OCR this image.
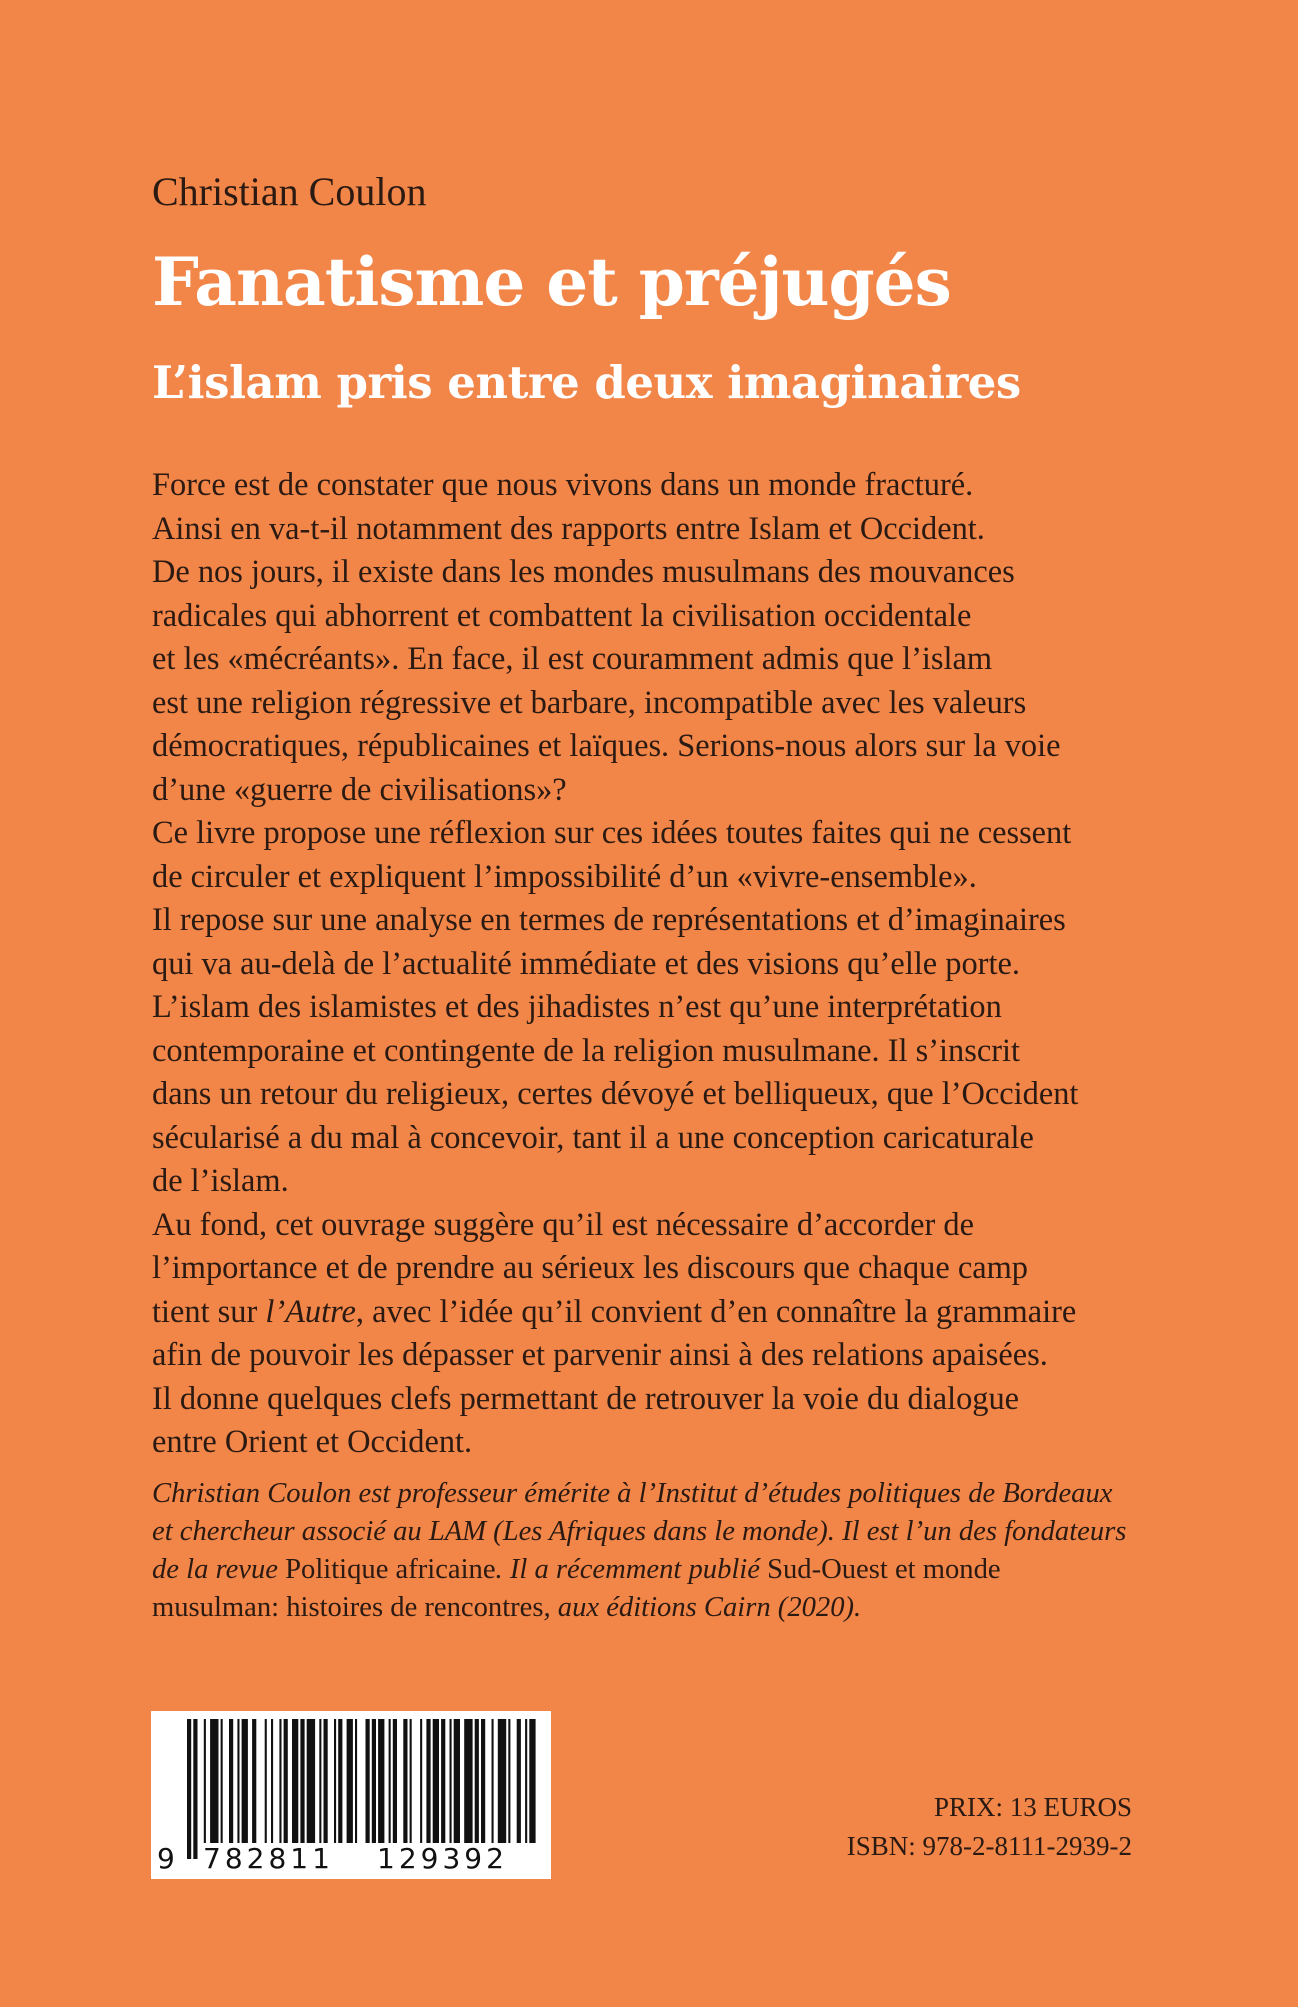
Christian Coulon

Fanatisme et préjugés
L’islam pris entre deux imaginaires
Force est de constater que nous vivons dans un monde fracturé.
Ainsi en va-t-il notamment des rapports entre Islam et Occident.
De nos jours, il existe dans les mondes musulmans des mouvances
radicales qui abhorrent et combattent la civilisation occidentale
et les «mécréants». En face, il est couramment admis que l’islam
est une religion régressive et barbare, incompatible avec les valeurs
démocratiques, républicaines et laïques. Serions-nous alors sur la voie
d’une «guerre de civilisations»?
Ce livre propose une réflexion sur ces idées toutes faites qui ne cessent
de circuler et expliquent l’impossibilité d’un «vivre-ensemble».
Il repose sur une analyse en termes de représentations et d’imaginaires
qui va au-delà de l’actualité immédiate et des visions qu’elle porte.
L’islam des islamistes et des jihadistes n’est qu’une interprétation
contemporaine et contingente de la religion musulmane. Il s’inscrit
dans un retour du religieux, certes dévoyé et belliqueux, que l’Occident
sécularisé a du mal à concevoir, tant il a une conception caricaturale
de l’islam.
Au fond, cet ouvrage suggère qu’il est nécessaire d’accorder de
l’importance et de prendre au sérieux les discours que chaque camp
tient sur l’Autre, avec l’idée qu’il convient d’en connaître la grammaire
afin de pouvoir les dépasser et parvenir ainsi à des relations apaisées.
Il donne quelques clefs permettant de retrouver la voie du dialogue
entre Orient et Occident.
Christian Coulon est professeur émérite à l’Institut d’études politiques de Bordeaux
et chercheur associé au LAM (Les Afriques dans le monde). Il est l’un des fondateurs
de la revue Politique africaine. Il a récemment publié Sud-Ouest et monde
musulman: histoires de rencontres, aux éditions Cairn (2020).
9 782811 129392
PRIX: 13 EUROS
ISBN: 978-2-8111-2939-2
